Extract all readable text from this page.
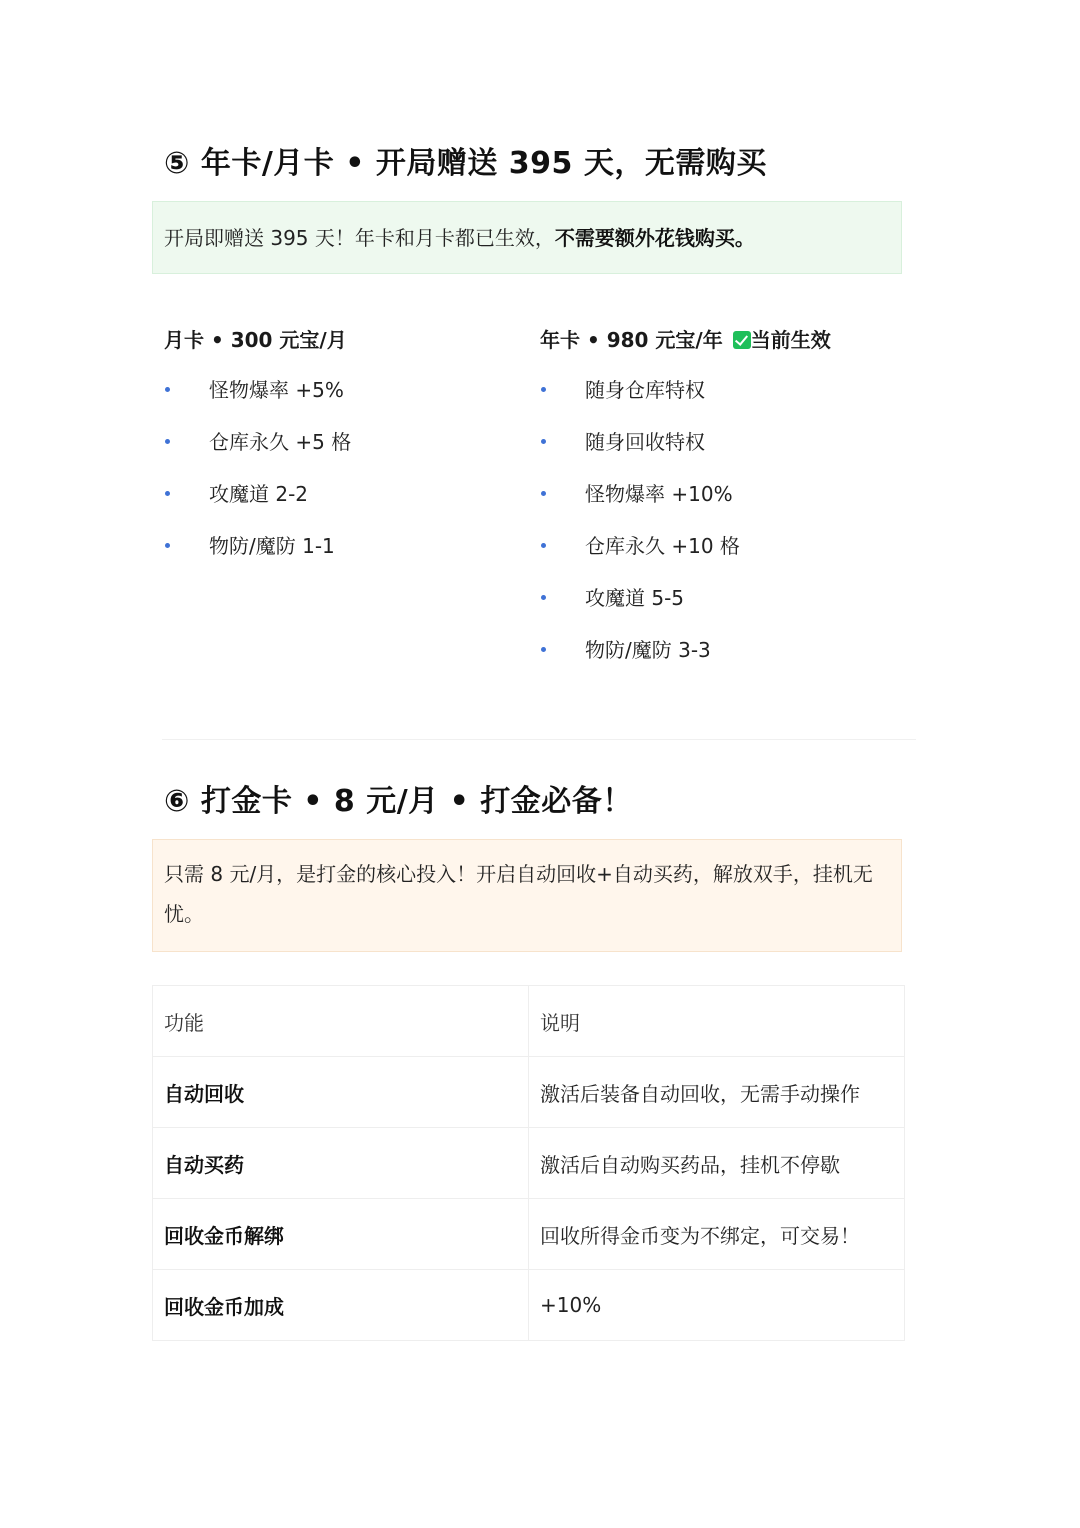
⑤ 年卡/月卡 • 开局赠送 395 天，无需购买
开局即赠送 395 天！年卡和月卡都已生效，不需要额外花钱购买。
月卡 • 300 元宝/月
怪物爆率 +5%
仓库永久 +5 格
攻魔道 2-2
物防/魔防 1-1
年卡 • 980 元宝/年 当前生效
随身仓库特权
随身回收特权
怪物爆率 +10%
仓库永久 +10 格
攻魔道 5-5
物防/魔防 3-3
⑥ 打金卡 • 8 元/月 • 打金必备！
只需 8 元/月，是打金的核心投入！开启自动回收+自动买药，解放双手，挂机无忧。
功能	说明
自动回收	激活后装备自动回收，无需手动操作
自动买药	激活后自动购买药品，挂机不停歇
回收金币解绑	回收所得金币变为不绑定，可交易！
回收金币加成	+10%
